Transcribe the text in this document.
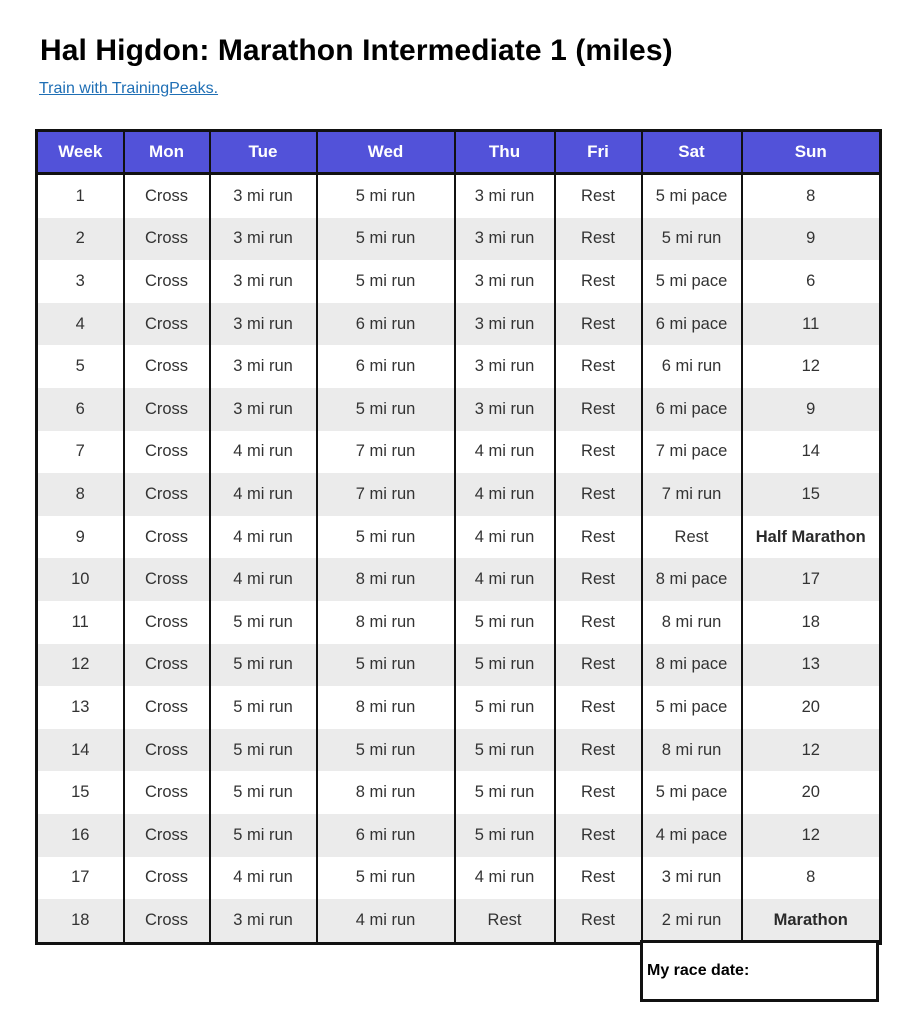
Hal Higdon: Marathon Intermediate 1 (miles)
Train with TrainingPeaks.
Week	Mon	Tue	Wed	Thu	Fri	Sat	Sun
1	Cross	3 mi run	5 mi run	3 mi run	Rest	5 mi pace	8
2	Cross	3 mi run	5 mi run	3 mi run	Rest	5 mi run	9
3	Cross	3 mi run	5 mi run	3 mi run	Rest	5 mi pace	6
4	Cross	3 mi run	6 mi run	3 mi run	Rest	6 mi pace	11
5	Cross	3 mi run	6 mi run	3 mi run	Rest	6 mi run	12
6	Cross	3 mi run	5 mi run	3 mi run	Rest	6 mi pace	9
7	Cross	4 mi run	7 mi run	4 mi run	Rest	7 mi pace	14
8	Cross	4 mi run	7 mi run	4 mi run	Rest	7 mi run	15
9	Cross	4 mi run	5 mi run	4 mi run	Rest	Rest	Half Marathon
10	Cross	4 mi run	8 mi run	4 mi run	Rest	8 mi pace	17
11	Cross	5 mi run	8 mi run	5 mi run	Rest	8 mi run	18
12	Cross	5 mi run	5 mi run	5 mi run	Rest	8 mi pace	13
13	Cross	5 mi run	8 mi run	5 mi run	Rest	5 mi pace	20
14	Cross	5 mi run	5 mi run	5 mi run	Rest	8 mi run	12
15	Cross	5 mi run	8 mi run	5 mi run	Rest	5 mi pace	20
16	Cross	5 mi run	6 mi run	5 mi run	Rest	4 mi pace	12
17	Cross	4 mi run	5 mi run	4 mi run	Rest	3 mi run	8
18	Cross	3 mi run	4 mi run	Rest	Rest	2 mi run	Marathon
My race date:
